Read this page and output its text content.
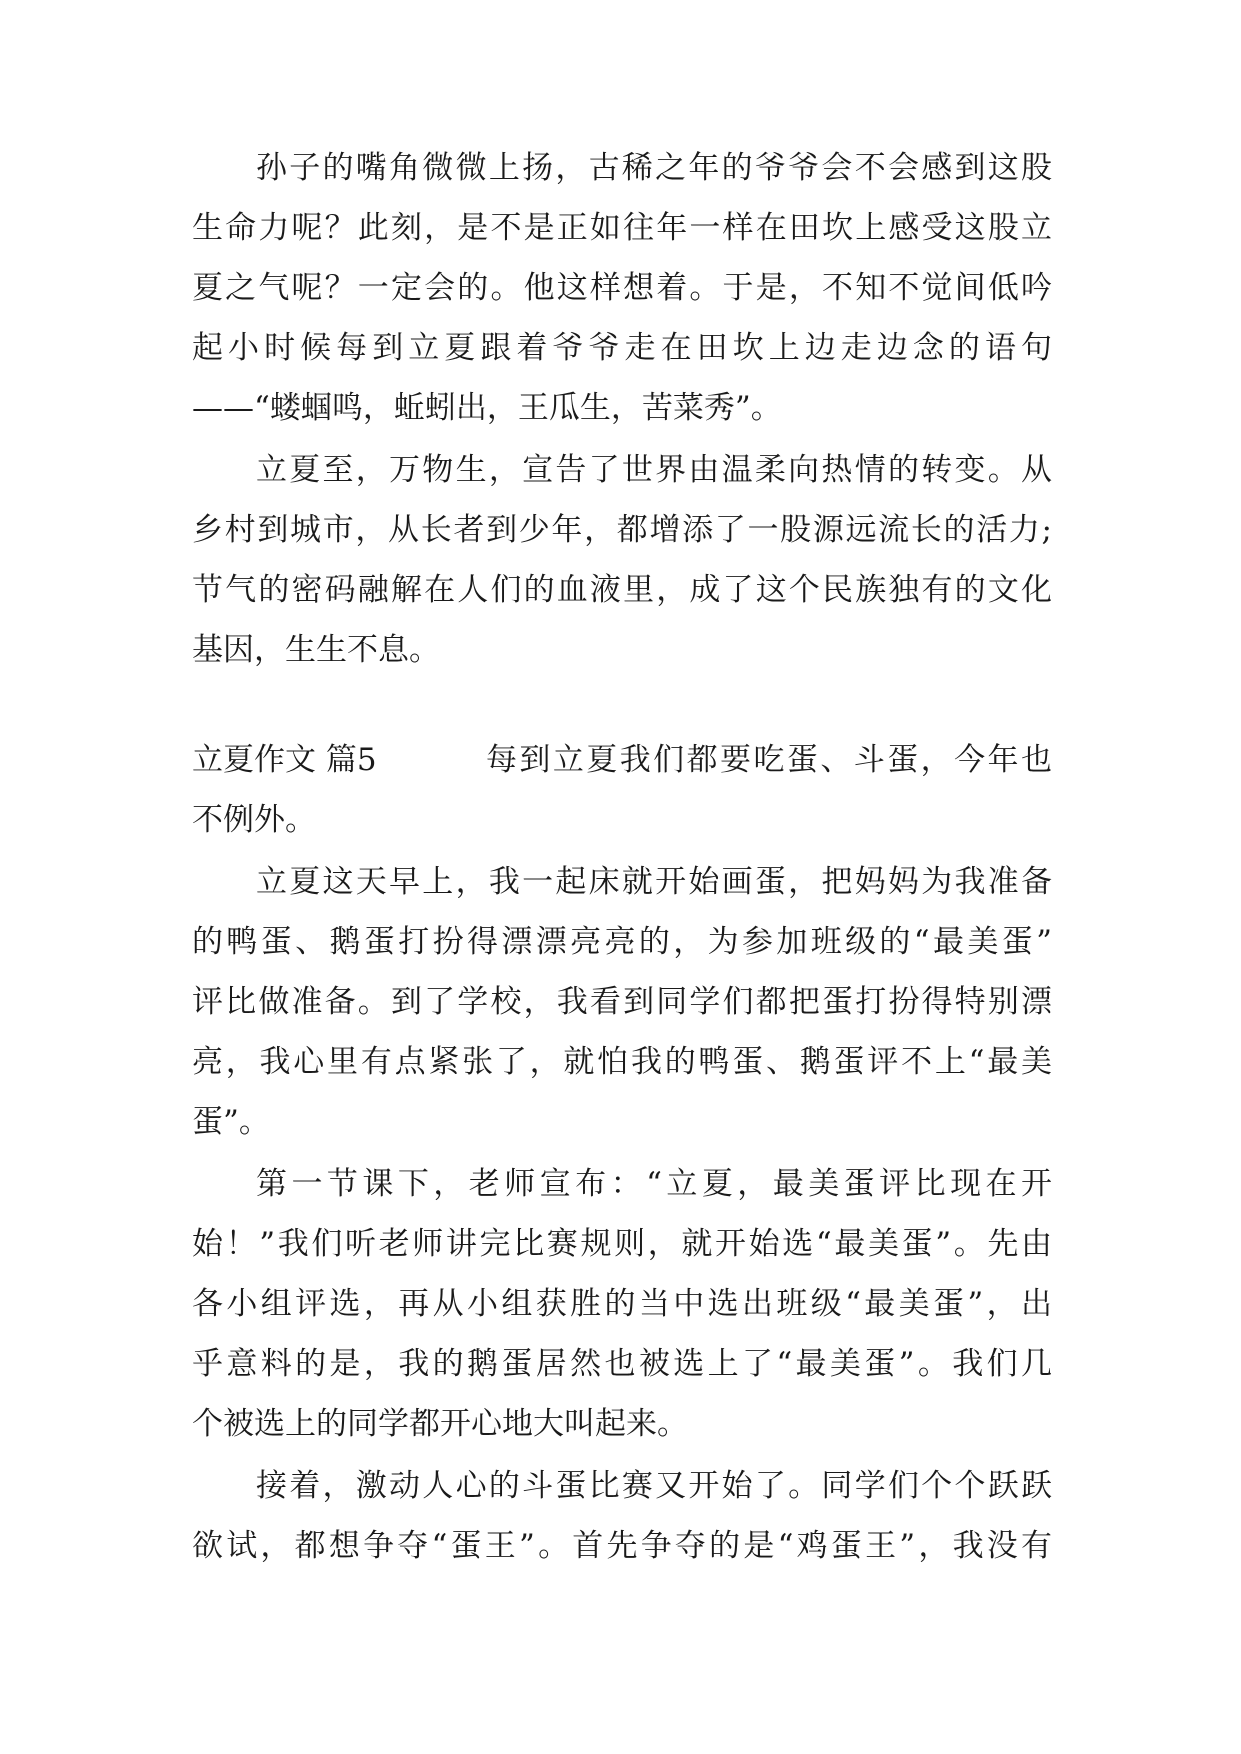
孙子的嘴角微微上扬，古稀之年的爷爷会不会感到这股
生命力呢？此刻，是不是正如往年一样在田坎上感受这股立
夏之气呢？一定会的。他这样想着。于是，不知不觉间低吟
起小时候每到立夏跟着爷爷走在田坎上边走边念的语句
——“蝼蝈鸣，蚯蚓出，王瓜生，苦菜秀”。
立夏至，万物生，宣告了世界由温柔向热情的转变。从
乡村到城市，从长者到少年，都增添了一股源远流长的活力;
节气的密码融解在人们的血液里，成了这个民族独有的文化
基因，生生不息。
立夏作文 篇5	每到立夏我们都要吃蛋、斗蛋，今年也
不例外。
立夏这天早上，我一起床就开始画蛋，把妈妈为我准备
的鸭蛋、鹅蛋打扮得漂漂亮亮的，为参加班级的“最美蛋”
评比做准备。到了学校，我看到同学们都把蛋打扮得特别漂
亮，我心里有点紧张了，就怕我的鸭蛋、鹅蛋评不上“最美
蛋”。
第一节课下，老师宣布：“立夏，最美蛋评比现在开
始！”我们听老师讲完比赛规则，就开始选“最美蛋”。先由
各小组评选，再从小组获胜的当中选出班级“最美蛋”，出
乎意料的是，我的鹅蛋居然也被选上了“最美蛋”。我们几
个被选上的同学都开心地大叫起来。
接着，激动人心的斗蛋比赛又开始了。同学们个个跃跃
欲试，都想争夺“蛋王”。首先争夺的是“鸡蛋王”，我没有
